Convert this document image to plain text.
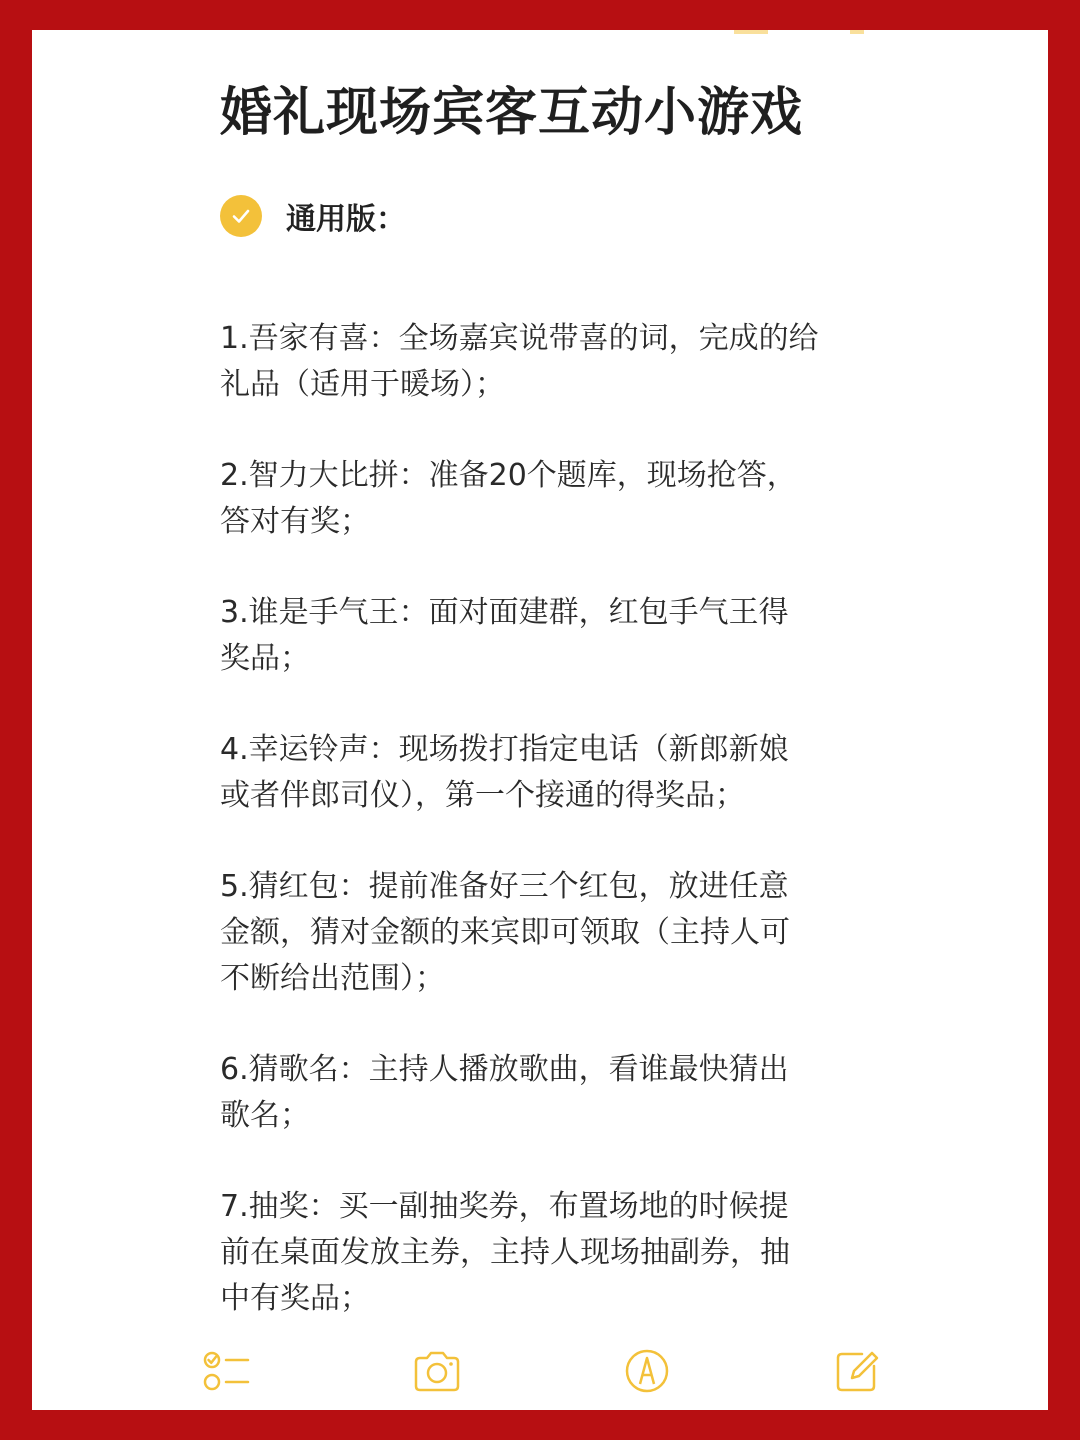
婚礼现场宾客互动小游戏
通用版：

1.吾家有喜：全场嘉宾说带喜的词，完成的给
礼品（适用于暖场）；

2.智力大比拼：准备20个题库，现场抢答，
答对有奖；

3.谁是手气王：面对面建群，红包手气王得
奖品；

4.幸运铃声：现场拨打指定电话（新郎新娘
或者伴郎司仪），第一个接通的得奖品；

5.猜红包：提前准备好三个红包，放进任意
金额，猜对金额的来宾即可领取（主持人可
不断给出范围）；

6.猜歌名：主持人播放歌曲，看谁最快猜出
歌名；

7.抽奖：买一副抽奖券，布置场地的时候提
前在桌面发放主券，主持人现场抽副券，抽
中有奖品；
